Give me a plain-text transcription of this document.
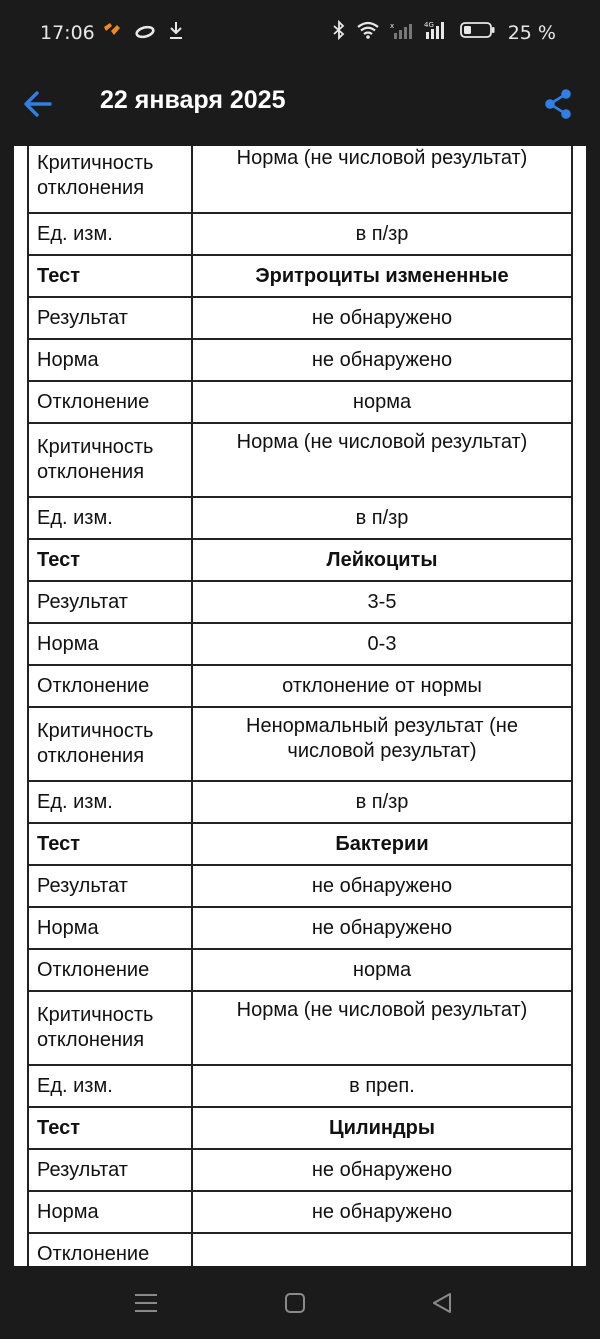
17:06	x	4G	25 %
22 января 2025
Критичность отклонения	Норма (не числовой результат)
Ед. изм.	в п/зр
Тест	Эритроциты измененные
Результат	не обнаружено
Норма	не обнаружено
Отклонение	норма
Критичность отклонения	Норма (не числовой результат)
Ед. изм.	в п/зр
Тест	Лейкоциты
Результат	3-5
Норма	0-3
Отклонение	отклонение от нормы
Критичность отклонения	Ненормальный результат (не числовой результат)
Ед. изм.	в п/зр
Тест	Бактерии
Результат	не обнаружено
Норма	не обнаружено
Отклонение	норма
Критичность отклонения	Норма (не числовой результат)
Ед. изм.	в преп.
Тест	Цилиндры
Результат	не обнаружено
Норма	не обнаружено
Отклонение	
